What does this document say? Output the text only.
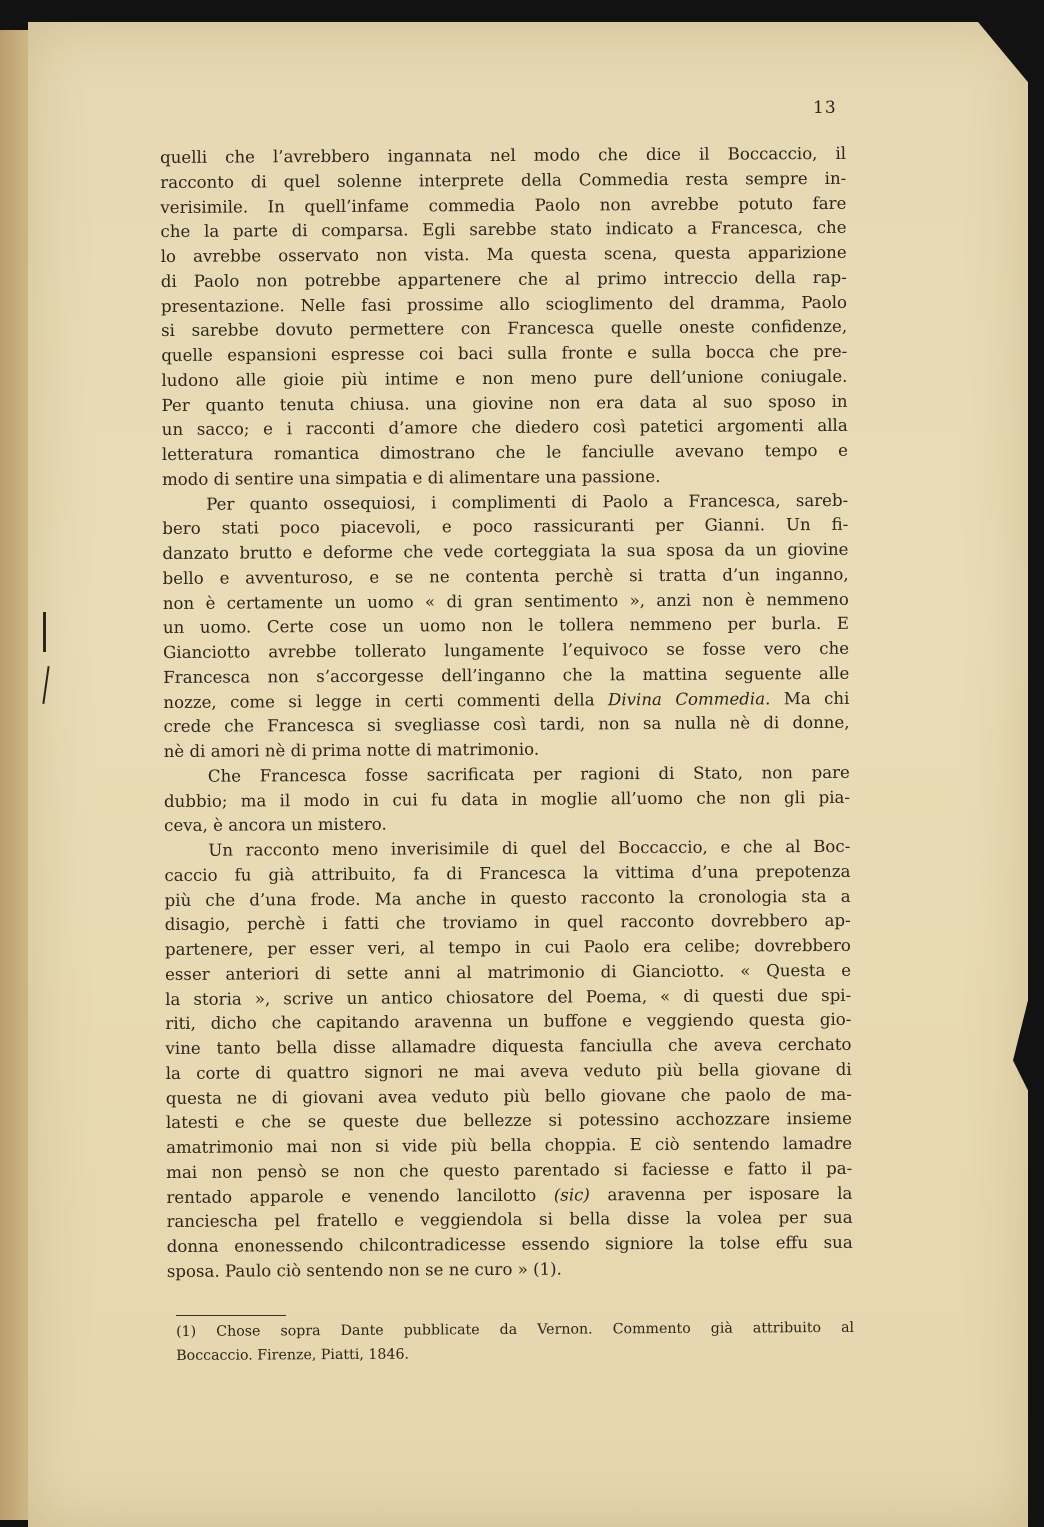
13
quelli che l’avrebbero ingannata nel modo che dice il Boccaccio, il
racconto di quel solenne interprete della Commedia resta sempre in-
verisimile. In quell’infame commedia Paolo non avrebbe potuto fare
che la parte di comparsa. Egli sarebbe stato indicato a Francesca, che
lo avrebbe osservato non vista. Ma questa scena, questa apparizione
di Paolo non potrebbe appartenere che al primo intreccio della rap-
presentazione. Nelle fasi prossime allo scioglimento del dramma, Paolo
si sarebbe dovuto permettere con Francesca quelle oneste confidenze,
quelle espansioni espresse coi baci sulla fronte e sulla bocca che pre-
ludono alle gioie più intime e non meno pure dell’unione coniugale.
Per quanto tenuta chiusa. una giovine non era data al suo sposo in
un sacco; e i racconti d’amore che diedero così patetici argomenti alla
letteratura romantica dimostrano che le fanciulle avevano tempo e
modo di sentire una simpatia e di alimentare una passione.
Per quanto ossequiosi, i complimenti di Paolo a Francesca, sareb-
bero stati poco piacevoli, e poco rassicuranti per Gianni. Un fi-
danzato brutto e deforme che vede corteggiata la sua sposa da un giovine
bello e avventuroso, e se ne contenta perchè si tratta d’un inganno,
non è certamente un uomo « di gran sentimento », anzi non è nemmeno
un uomo. Certe cose un uomo non le tollera nemmeno per burla. E
Gianciotto avrebbe tollerato lungamente l’equivoco se fosse vero che
Francesca non s’accorgesse dell’inganno che la mattina seguente alle
nozze, come si legge in certi commenti della Divina Commedia. Ma chi
crede che Francesca si svegliasse così tardi, non sa nulla nè di donne,
nè di amori nè di prima notte di matrimonio.
Che Francesca fosse sacrificata per ragioni di Stato, non pare
dubbio; ma il modo in cui fu data in moglie all’uomo che non gli pia-
ceva, è ancora un mistero.
Un racconto meno inverisimile di quel del Boccaccio, e che al Boc-
caccio fu già attribuito, fa di Francesca la vittima d’una prepotenza
più che d’una frode. Ma anche in questo racconto la cronologia sta a
disagio, perchè i fatti che troviamo in quel racconto dovrebbero ap-
partenere, per esser veri, al tempo in cui Paolo era celibe; dovrebbero
esser anteriori di sette anni al matrimonio di Gianciotto. « Questa e
la storia », scrive un antico chiosatore del Poema, « di questi due spi-
riti, dicho che capitando aravenna un buffone e veggiendo questa gio-
vine tanto bella disse allamadre diquesta fanciulla che aveva cerchato
la corte di quattro signori ne mai aveva veduto più bella giovane di
questa ne di giovani avea veduto più bello giovane che paolo de ma-
latesti e che se queste due bellezze si potessino acchozzare insieme
amatrimonio mai non si vide più bella choppia. E ciò sentendo lamadre
mai non pensò se non che questo parentado si faciesse e fatto il pa-
rentado apparole e venendo lancilotto (sic) aravenna per isposare la
ranciescha pel fratello e veggiendola si bella disse la volea per sua
donna enonessendo chilcontradicesse essendo signiore la tolse effu sua
sposa. Paulo ciò sentendo non se ne curo » (1).
(1) Chose sopra Dante pubblicate da Vernon. Commento già attribuito al
Boccaccio. Firenze, Piatti, 1846.
